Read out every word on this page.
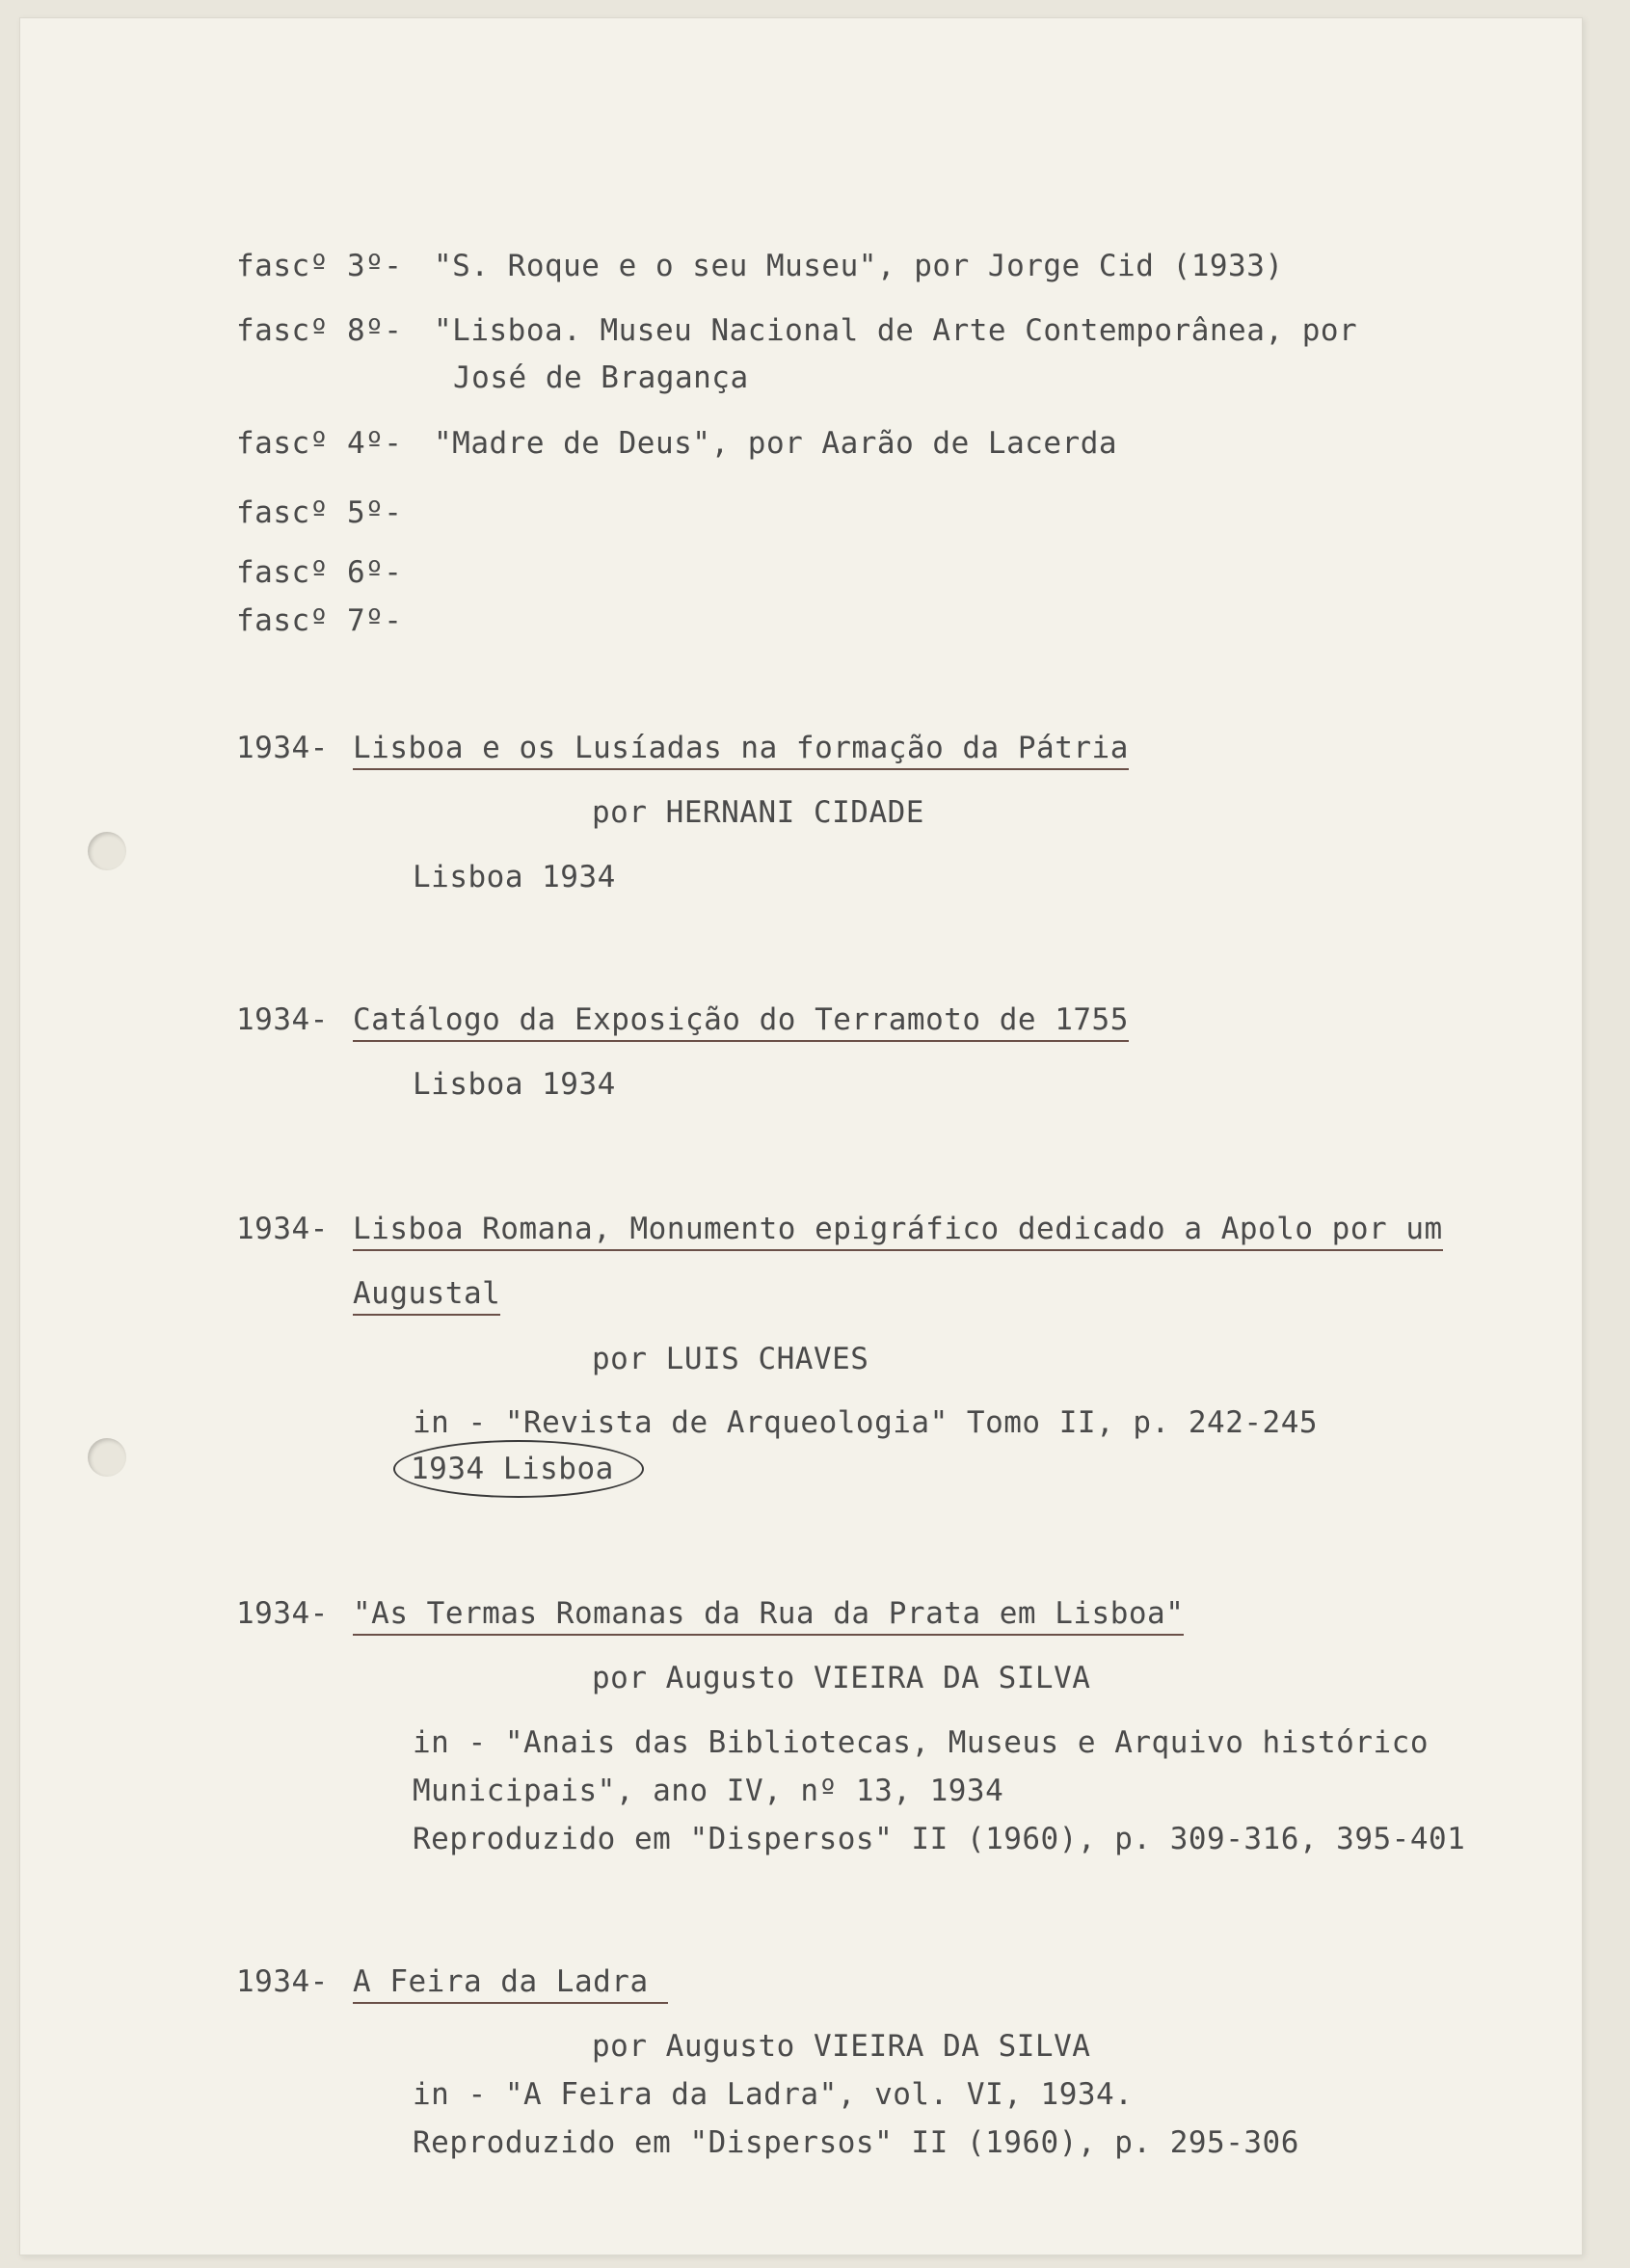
fascº 3º- "S. Roque e o seu Museu", por Jorge Cid (1933)
fascº 8º- "Lisboa. Museu Nacional de Arte Contemporânea, por
José de Bragança
fascº 4º- "Madre de Deus", por Aarão de Lacerda
fascº 5º-
fascº 6º-
fascº 7º-
1934- Lisboa e os Lusíadas na formação da Pátria
por HERNANI CIDADE
Lisboa 1934
1934- Catálogo da Exposição do Terramoto de 1755
Lisboa 1934
1934- Lisboa Romana, Monumento epigráfico dedicado a Apolo por um
Augustal
por LUIS CHAVES
in - "Revista de Arqueologia" Tomo II, p. 242-245
1934 Lisboa
1934- "As Termas Romanas da Rua da Prata em Lisboa"
por Augusto VIEIRA DA SILVA
in - "Anais das Bibliotecas, Museus e Arquivo histórico
Municipais", ano IV, nº 13, 1934
Reproduzido em "Dispersos" II (1960), p. 309-316, 395-401
1934- A Feira da Ladra
por Augusto VIEIRA DA SILVA
in - "A Feira da Ladra", vol. VI, 1934.
Reproduzido em "Dispersos" II (1960), p. 295-306
